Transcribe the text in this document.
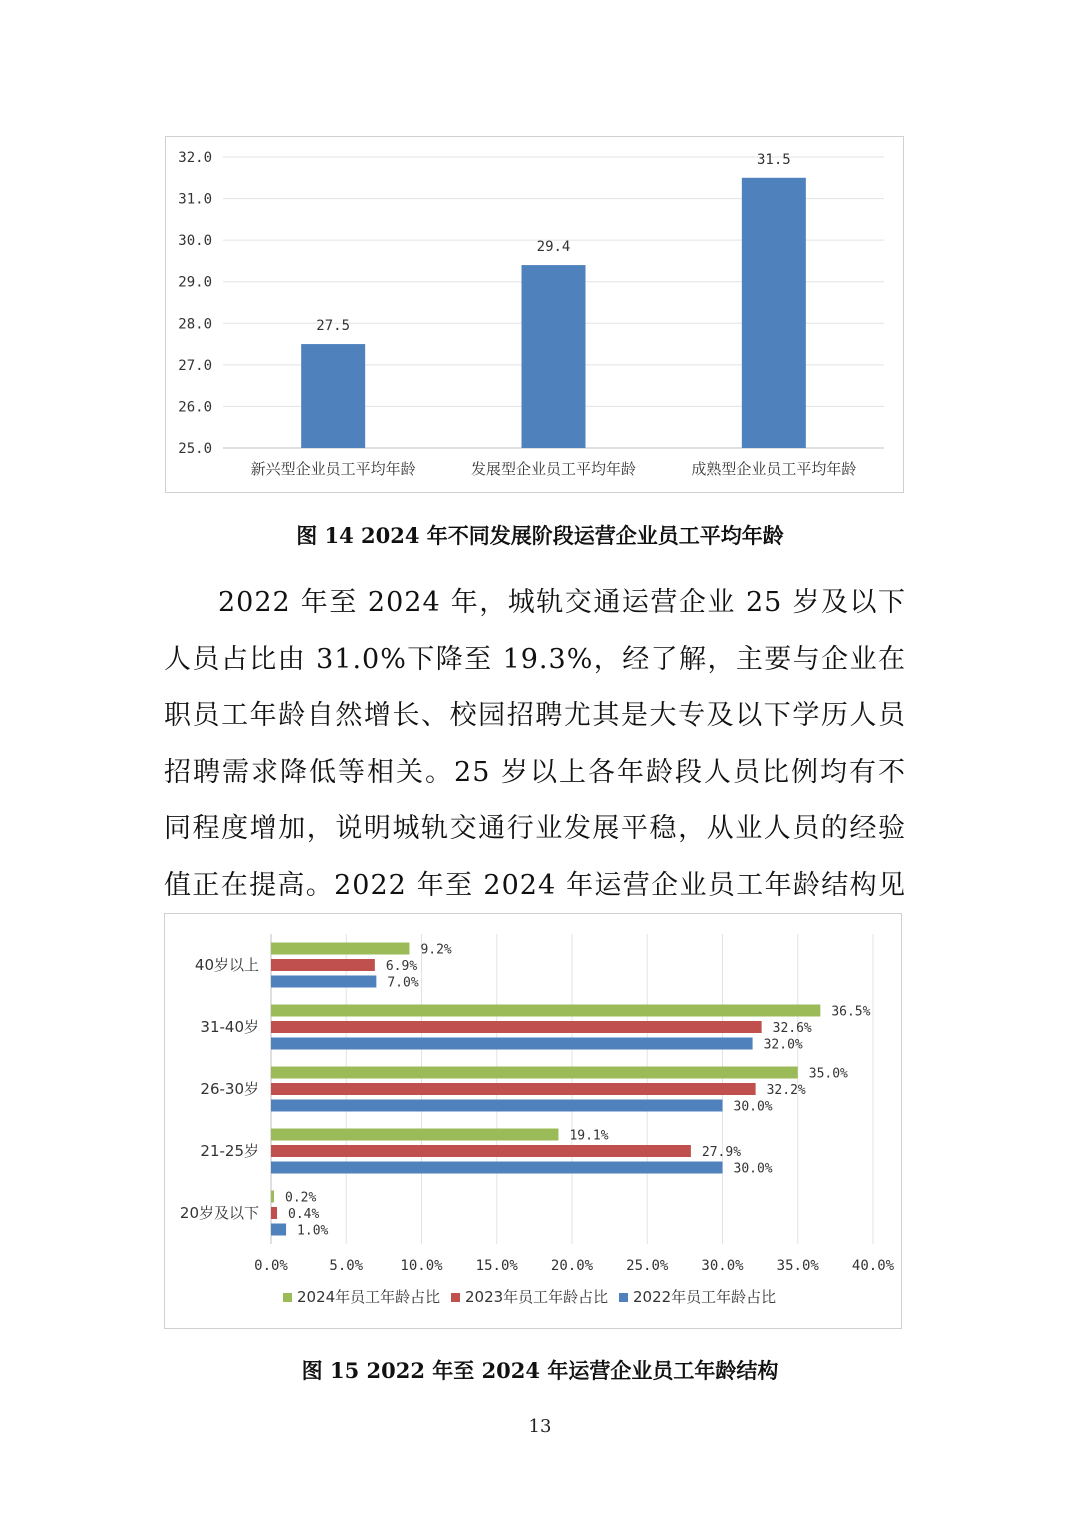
25.0
26.0
27.0
28.0
29.0
30.0
31.0
32.0
27.5
新兴型企业员工平均年龄
29.4
发展型企业员工平均年龄
31.5
成熟型企业员工平均年龄
图 14 2024 年不同发展阶段运营企业员工平均年龄
2022 年至 2024 年，城轨交通运营企业 25 岁及以下人员占比由 31.0%下降至 19.3%，经了解，主要与企业在职员工年龄自然增长、校园招聘尤其是大专及以下学历人员招聘需求降低等相关。25 岁以上各年龄段人员比例均有不同程度增加，说明城轨交通行业发展平稳，从业人员的经验值正在提高。2022 年至 2024 年运营企业员工年龄结构见
0.0%	5.0%	10.0% 15.0% 20.0% 25.0% 30.0% 35.0% 40.0%
40岁以上
9.2%
6.9%
7.0%
31-40岁
36.5%
32.6%
32.0%
26-30岁
35.0%
32.2%
30.0%
21-25岁
19.1%
27.9%
30.0%
20岁及以下
0.2%
0.4%
1.0%
2024年员工年龄占比 2023年员工年龄占比 2022年员工年龄占比
图 15 2022 年至 2024 年运营企业员工年龄结构
13
